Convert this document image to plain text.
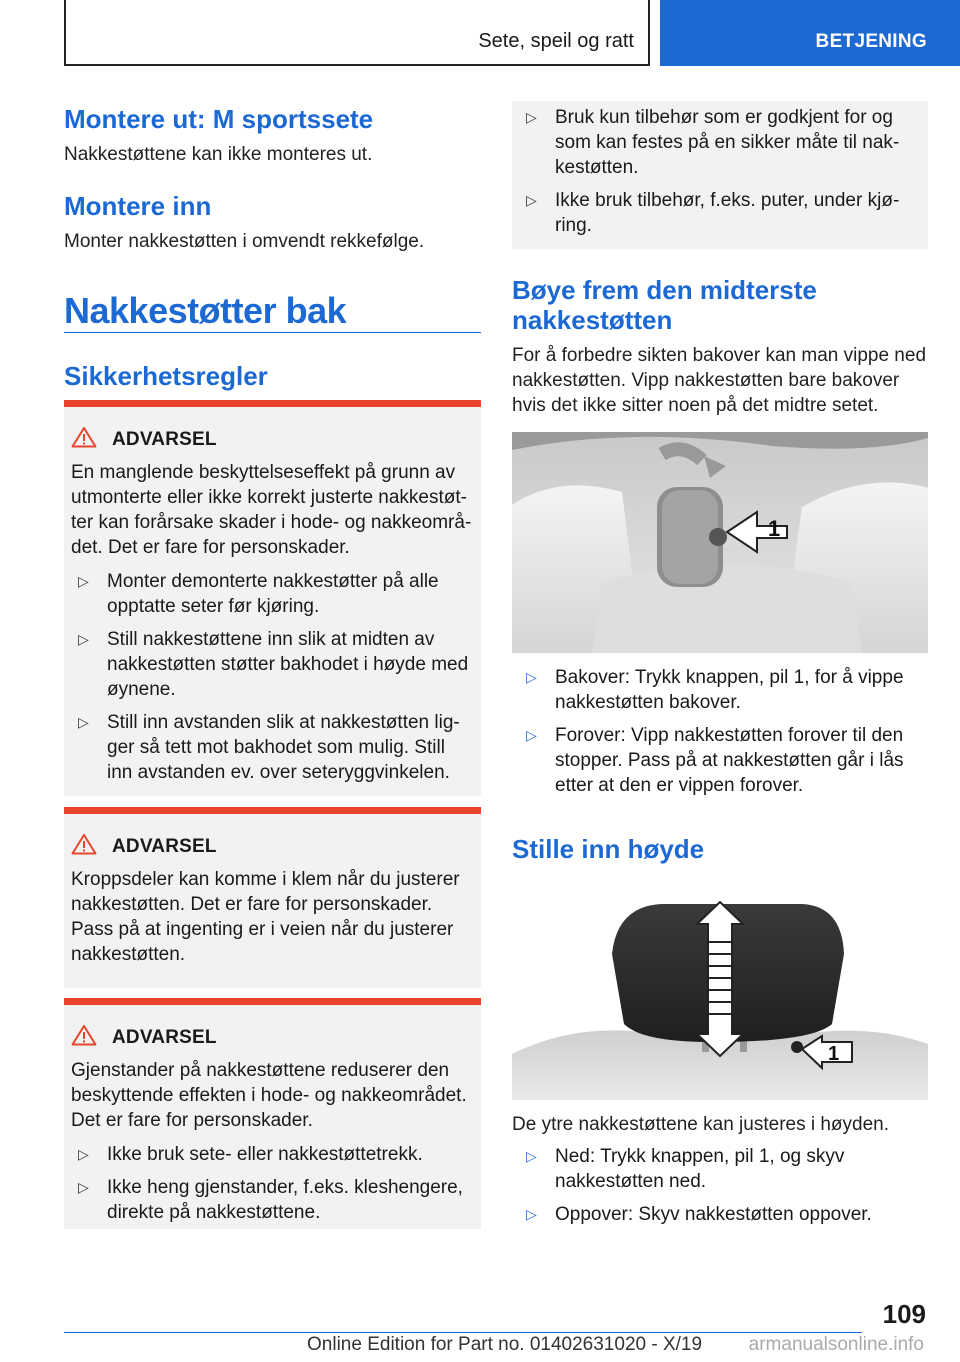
Sete, speil og ratt	BETJENING
Montere ut: M sportssete
Nakkestøttene kan ikke monteres ut.
Montere inn
Monter nakkestøtten i omvendt rekkefølge.
Nakkestøtter bak
Sikkerhetsregler
ADVARSEL
En manglende beskyttelseseffekt på grunn av utmonterte eller ikke korrekt justerte nakkestøtter kan forårsake skader i hode- og nakkeområdet. Det er fare for personskader.
▷ Monter demonterte nakkestøtter på alle opptatte seter før kjøring.
▷ Still nakkestøttene inn slik at midten av nakkestøtten støtter bakhodet i høyde med øynene.
▷ Still inn avstanden slik at nakkestøtten ligger så tett mot bakhodet som mulig. Still inn avstanden ev. over seteryggvinkelen.
ADVARSEL
Kroppsdeler kan komme i klem når du justerer nakkestøtten. Det er fare for personskader. Pass på at ingenting er i veien når du justerer nakkestøtten.
ADVARSEL
Gjenstander på nakkestøttene reduserer den beskyttende effekten i hode- og nakkeområdet. Det er fare for personskader.
▷ Ikke bruk sete- eller nakkestøttetrekk.
▷ Ikke heng gjenstander, f.eks. kleshengere, direkte på nakkestøttene.
▷ Bruk kun tilbehør som er godkjent for og som kan festes på en sikker måte til nakkestøtten.
▷ Ikke bruk tilbehør, f.eks. puter, under kjøring.
Bøye frem den midterste nakkestøtten
For å forbedre sikten bakover kan man vippe ned nakkestøtten. Vipp nakkestøtten bare bakover hvis det ikke sitter noen på det midtre setet.
1
▷ Bakover: Trykk knappen, pil 1, for å vippe nakkestøtten bakover.
▷ Forover: Vipp nakkestøtten forover til den stopper. Pass på at nakkestøtten går i lås etter at den er vippen forover.
Stille inn høyde
1
De ytre nakkestøttene kan justeres i høyden.
▷ Ned: Trykk knappen, pil 1, og skyv nakkestøtten ned.
▷ Oppover: Skyv nakkestøtten oppover.
109
Online Edition for Part no. 01402631020 - X/19 armanualsonline.info
